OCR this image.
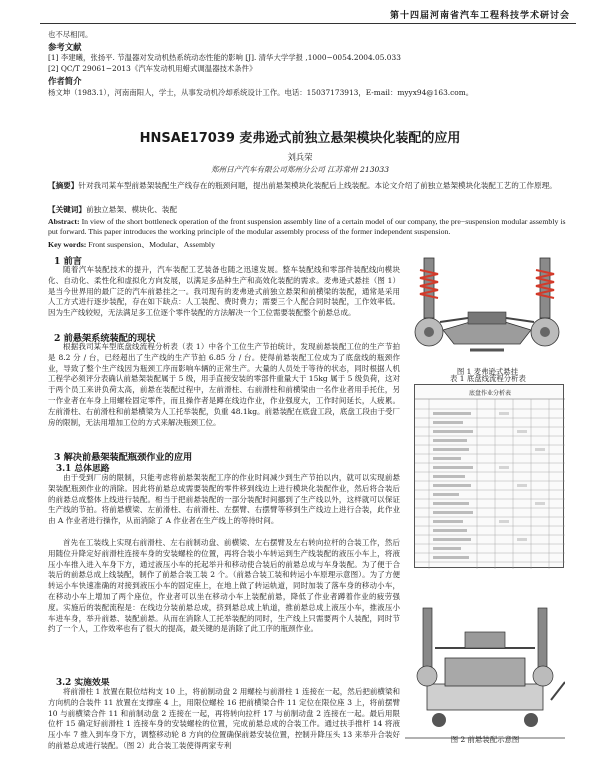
第十四届河南省汽车工程科技学术研讨会
也不尽相同。
参考文献
[1] 李建曦，张扬平. 节温器对发动机热系统动态性能的影响 [J]. 清华大学学报 ,1000−0054.2004.05.033
[2] QC/T 29061−2013《汽车发动机用蜡式调温器技术条件》
作者简介
杨文坤（1983.1），河南南阳人，学士，从事发动机冷却系统设计工作。电话：15037173913，E-mail：myyx94@163.com。
HNSAE17039 麦弗逊式前独立悬架模块化装配的应用
刘兵荣
郑州日产汽车有限公司郑州分公司 江苏常州 213033
【摘要】针对我司某车型前悬架装配生产线存在的瓶颈问题，提出前悬架模块化装配后上线装配。本论文介绍了前独立悬架模块化装配工艺的工作原理。
【关键词】前独立悬架、模块化、装配
Abstract: In view of the short bottleneck operation of the front suspension assembly line of a certain model of our company, the pre−suspension modular assembly is put forward. This paper introduces the working principle of the modular assembly process of the former independent suspension.
Key words: Front suspension、Modular、Assembly
1 前言
随着汽车装配技术的提升，汽车装配工艺装备也随之迅速发展。整车装配线和零部件装配线向模块化、自动化、柔性化和虚拟化方向发展，以满足多品种生产和高效化装配的需求。麦弗逊式悬挂（图 1）是当今世界用的最广泛的汽车前悬挂之一。我司现有的麦弗逊式前独立悬架和前横梁的装配，通常是采用人工方式进行逐步装配，存在如下缺点：人工装配、费时费力；需要三个人配合同时装配，工作效率低。因为生产线较短，无法满足多工位逐个零件装配的方法解决一个工位需要装配整个前悬总成。
图 1 麦弗逊式悬挂
2 前悬架系统装配的现状
根据我司某车型底盘线流程分析表（表 1）中各个工位生产节拍统计，发现前悬装配工位的生产节拍是 8.2 分 / 台，已经超出了生产线的生产节拍 6.85 分 / 台。使得前悬装配工位成为了底盘线的瓶颈作业，导致了整个生产线因为瓶颈工序而影响车辆的正常生产。大量的人员处于等待的状态，同时根据人机工程学必须评分表确认前悬架装配属于 5 级，用手直接安装的零部件重量大于 15kg 属于 5 级负荷，这对于两个员工来讲负荷太高，前悬在装配过程中，左前滑柱、右前滑柱和前横梁由一名作业者用手托住，另一作业者在车身上用螺栓固定零件，而且操作者是蹲在线边作业，作业强度大，工作时间延长，人疲累。左前滑柱、右前滑柱和前悬横梁为人工托举装配，负重 48.1kg。前悬装配在底盘工段，底盘工段由于受厂房的限制，无法用增加工位的方式来解决瓶颈工位。
表 1 底盘线流程分析表
底盘作业分析表
3 解决前悬架装配瓶颈作业的应用
3.1 总体思路
由于受到厂房的限制，只能考虑将前悬架装配工序的作业时间减少到生产节拍以内，就可以实现前悬架装配瓶颈作业的消除。因此将前悬总成需要装配的零件移到线边上进行模块化装配作业，然后将合装后的前悬总成整体上线进行装配。相当于把前悬装配的一部分装配时间挪到了生产线以外，这样就可以保证生产线的节拍。将前悬横梁、左前滑柱、右前滑柱、左摆臂、右摆臂等移到生产线边上进行合装，此作业由 A 作业者进行操作，从而消除了 A 作业者在生产线上的等待时间。
首先在工装线上实现右前滑柱、左右前制动盘、前横梁、左右摆臂及左右转向拉杆的合装工作，然后用随位升降定好前滑柱连接车身的安装螺栓的位置，再将合装小车转运到生产线装配的液压小车上，将液压小车推入进入车身下方，通过液压小车的托起举升和移动使合装后的前悬总成与车身装配。为了便于合装后的前悬总成上线装配，制作了前悬合装工装 2 个。（前悬合装工装和转运小车原理示意图）。为了方便转运小车快速准确的对接到液压小车的固定座上，在地上做了转运轨道，同时加装了落车身的移动小车，在移动小车上增加了两个座位，作业者可以坐在移动小车上装配前悬，降低了作业者蹲着作业的疲劳强度。实施后的装配流程是：在线边分装前悬总成，挤到悬总成上轨道，推前悬总成上液压小车，推液压小车进车身，举升前悬、装配前悬。从而在消除人工托举装配的同时，生产线上只需要两个人装配，同时节约了一个人，工作效率也有了很大的提高，最关键的是消除了此工序的瓶颈作业。
图 2 前悬装配示意图
3.2 实施效果
将前滑柱 1 放置在限位结构支 10 上，将前制动盘 2 用螺栓与前滑柱 1 连接在一起，然后把前横梁和方向机的合装件 11 放置在支撑座 4 上，用限位螺栓 16 把前横梁合件 11 定位在限位座 3 上，将前摆臂 10 与前横梁合件 11 和前制动盘 2 连接在一起，再将转向拉杆 17 与前制动盘 2 连接在一起。最后用限位杆 15 确定好前滑柱 1 连接车身的安装螺栓的位置，完成前悬总成的合装工作。通过扶手推杆 14 将液压小车 7 推入到车身下方，调整移动轮 8 方向的位置确保前悬安装位置，控制升降压头 13 来举升合装好的前悬总成进行装配。（图 2）此合装工装使得两家专利
